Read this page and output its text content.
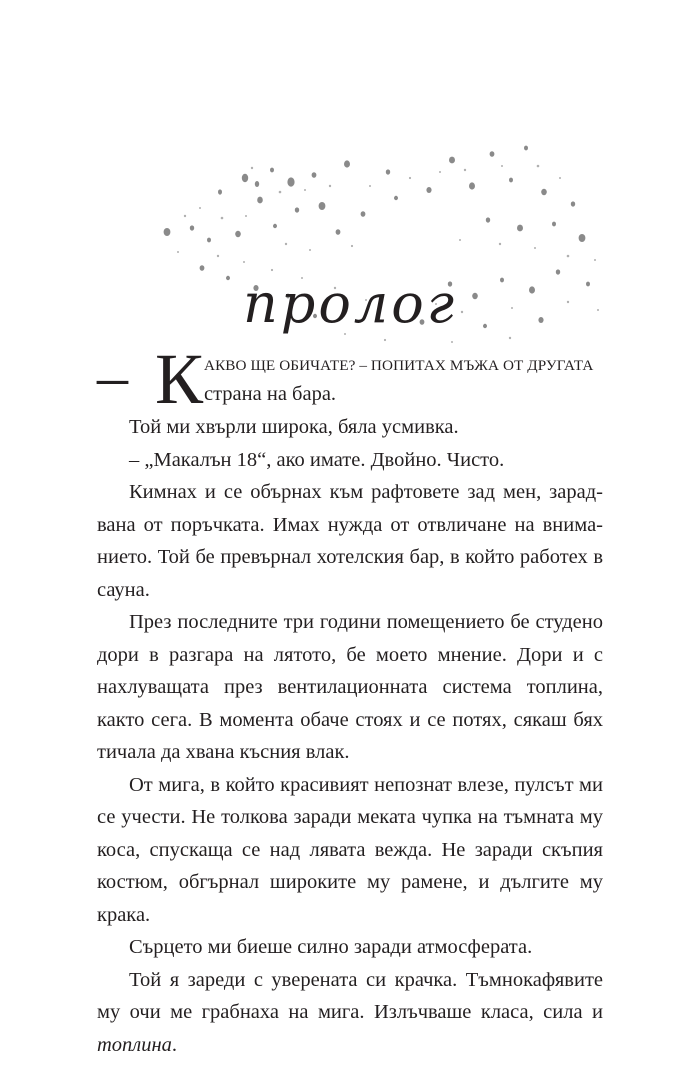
пролог
– К АКВО ЩЕ ОБИЧАТЕ? – ПОПИТАХ МЪЖА ОТ ДРУГАТА
страна на бара.

Той ми хвърли широка, бяла усмивка.

– „Макалън 18“, ако имате. Двойно. Чисто.

Кимнах и се обърнах към рафтовете зад мен, зарадвана от поръчката. Имах нужда от отвличане на вниманието. Той бе превърнал хотелския бар, в който работех в сауна.

През последните три години помещението бе студено дори в разгара на лятото, бе моето мнение. Дори и с нахлуващата през вентилационната система топлина, както сега. В момента обаче стоях и се потях, сякаш бях тичала да хвана късния влак.

От мига, в който красивият непознат влезе, пулсът ми се учести. Не толкова заради меката чупка на тъмната му коса, спускаща се над лявата вежда. Не заради скъпия костюм, обгърнал широките му рамене, и дългите му крака.

Сърцето ми биеше силно заради атмосферата.

Той я зареди с уверената си крачка. Тъмнокафявите му очи ме грабнаха на мига. Излъчваше класа, сила и топлина.
